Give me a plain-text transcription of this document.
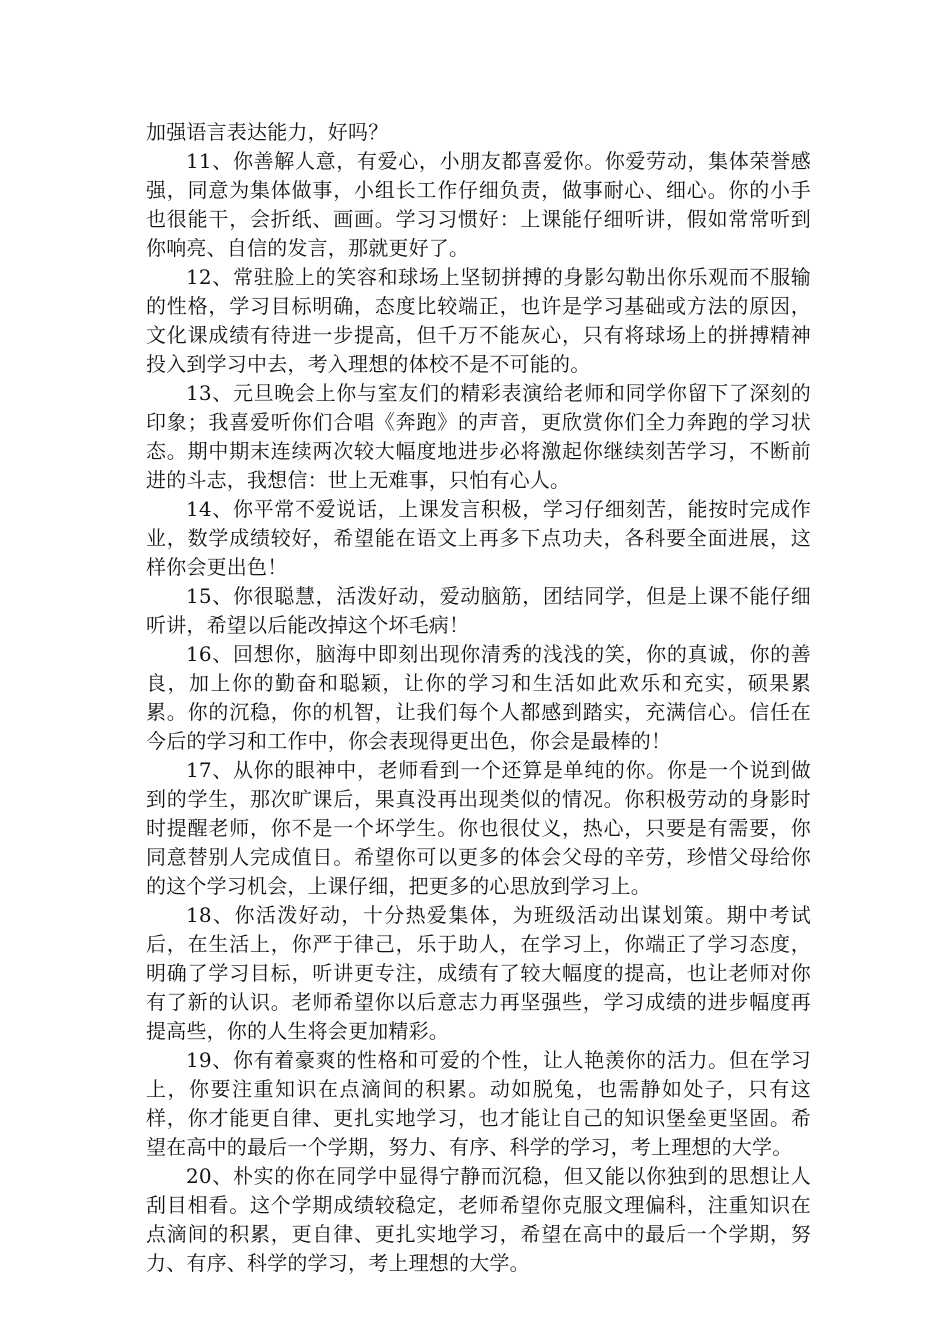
加强语言表达能力，好吗？

11、你善解人意，有爱心，小朋友都喜爱你。你爱劳动，集体荣誉感强，同意为集体做事，小组长工作仔细负责，做事耐心、细心。你的小手也很能干，会折纸、画画。学习习惯好：上课能仔细听讲，假如常常听到你响亮、自信的发言，那就更好了。

12、常驻脸上的笑容和球场上坚韧拼搏的身影勾勒出你乐观而不服输的性格，学习目标明确，态度比较端正，也许是学习基础或方法的原因，文化课成绩有待进一步提高，但千万不能灰心，只有将球场上的拼搏精神投入到学习中去，考入理想的体校不是不可能的。

13、元旦晚会上你与室友们的精彩表演给老师和同学你留下了深刻的印象；我喜爱听你们合唱《奔跑》的声音，更欣赏你们全力奔跑的学习状态。期中期末连续两次较大幅度地进步必将激起你继续刻苦学习，不断前进的斗志，我想信：世上无难事，只怕有心人。

14、你平常不爱说话，上课发言积极，学习仔细刻苦，能按时完成作业，数学成绩较好，希望能在语文上再多下点功夫，各科要全面进展，这样你会更出色！

15、你很聪慧，活泼好动，爱动脑筋，团结同学，但是上课不能仔细听讲，希望以后能改掉这个坏毛病！

16、回想你，脑海中即刻出现你清秀的浅浅的笑，你的真诚，你的善良，加上你的勤奋和聪颖，让你的学习和生活如此欢乐和充实，硕果累累。你的沉稳，你的机智，让我们每个人都感到踏实，充满信心。信任在今后的学习和工作中，你会表现得更出色，你会是最棒的！

17、从你的眼神中，老师看到一个还算是单纯的你。你是一个说到做到的学生，那次旷课后，果真没再出现类似的情况。你积极劳动的身影时时提醒老师，你不是一个坏学生。你也很仗义，热心，只要是有需要，你同意替别人完成值日。希望你可以更多的体会父母的辛劳，珍惜父母给你的这个学习机会，上课仔细，把更多的心思放到学习上。

18、你活泼好动，十分热爱集体，为班级活动出谋划策。期中考试后，在生活上，你严于律己，乐于助人，在学习上，你端正了学习态度，明确了学习目标，听讲更专注，成绩有了较大幅度的提高，也让老师对你有了新的认识。老师希望你以后意志力再坚强些，学习成绩的进步幅度再提高些，你的人生将会更加精彩。

19、你有着豪爽的性格和可爱的个性，让人艳羡你的活力。但在学习上，你要注重知识在点滴间的积累。动如脱兔，也需静如处子，只有这样，你才能更自律、更扎实地学习，也才能让自己的知识堡垒更坚固。希望在高中的最后一个学期，努力、有序、科学的学习，考上理想的大学。

20、朴实的你在同学中显得宁静而沉稳，但又能以你独到的思想让人刮目相看。这个学期成绩较稳定，老师希望你克服文理偏科，注重知识在点滴间的积累，更自律、更扎实地学习，希望在高中的最后一个学期，努力、有序、科学的学习，考上理想的大学。
